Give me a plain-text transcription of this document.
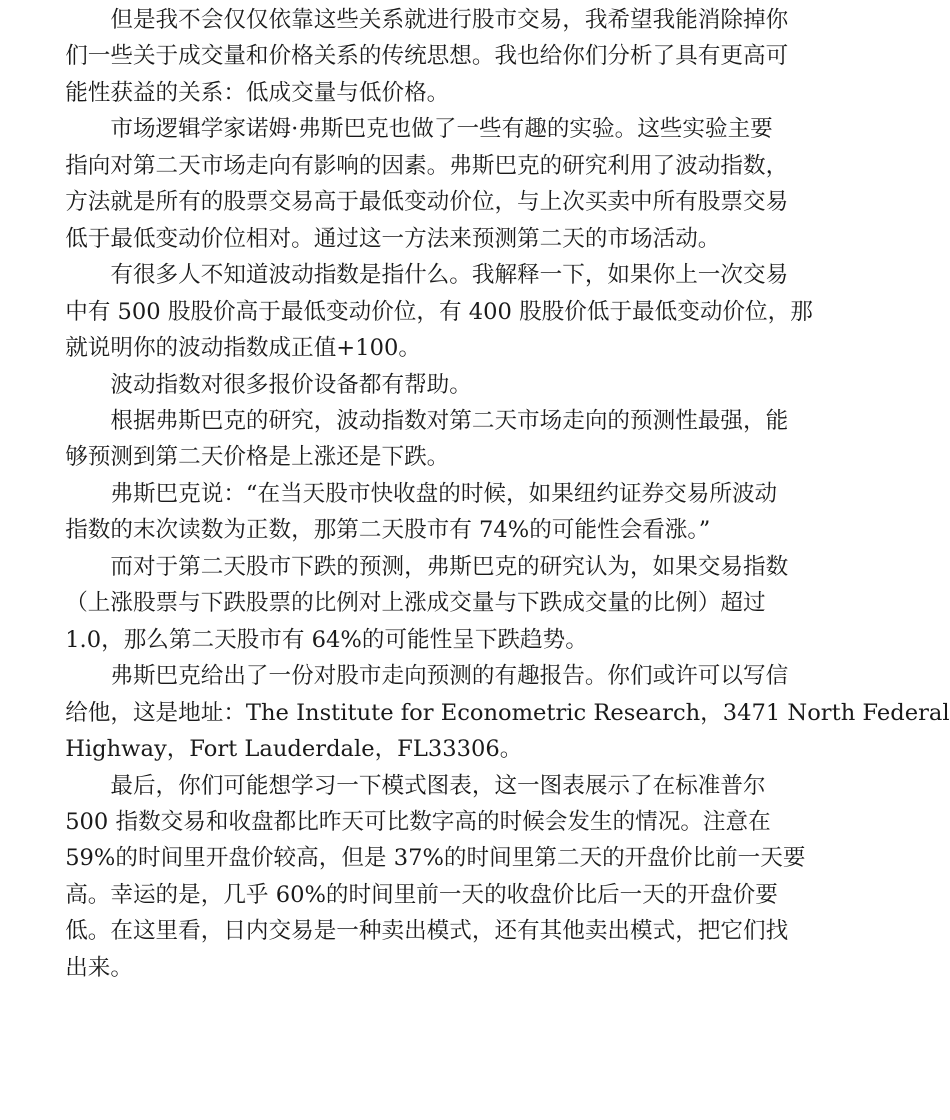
但是我不会仅仅依靠这些关系就进行股市交易，我希望我能消除掉你
们一些关于成交量和价格关系的传统思想。我也给你们分析了具有更高可
能性获益的关系：低成交量与低价格。
市场逻辑学家诺姆·弗斯巴克也做了一些有趣的实验。这些实验主要
指向对第二天市场走向有影响的因素。弗斯巴克的研究利用了波动指数，
方法就是所有的股票交易高于最低变动价位，与上次买卖中所有股票交易
低于最低变动价位相对。通过这一方法来预测第二天的市场活动。
有很多人不知道波动指数是指什么。我解释一下，如果你上一次交易
中有 500 股股价高于最低变动价位，有 400 股股价低于最低变动价位，那
就说明你的波动指数成正值+100。
波动指数对很多报价设备都有帮助。
根据弗斯巴克的研究，波动指数对第二天市场走向的预测性最强，能
够预测到第二天价格是上涨还是下跌。
弗斯巴克说：“在当天股市快收盘的时候，如果纽约证券交易所波动
指数的末次读数为正数，那第二天股市有 74%的可能性会看涨。”
而对于第二天股市下跌的预测，弗斯巴克的研究认为，如果交易指数
（上涨股票与下跌股票的比例对上涨成交量与下跌成交量的比例）超过
1.0，那么第二天股市有 64%的可能性呈下跌趋势。
弗斯巴克给出了一份对股市走向预测的有趣报告。你们或许可以写信
给他，这是地址：The Institute for Econometric Research，3471 North Federal
Highway，Fort Lauderdale，FL33306。
最后，你们可能想学习一下模式图表，这一图表展示了在标准普尔
500 指数交易和收盘都比昨天可比数字高的时候会发生的情况。注意在
59%的时间里开盘价较高，但是 37%的时间里第二天的开盘价比前一天要
高。幸运的是，几乎 60%的时间里前一天的收盘价比后一天的开盘价要
低。在这里看，日内交易是一种卖出模式，还有其他卖出模式，把它们找
出来。
